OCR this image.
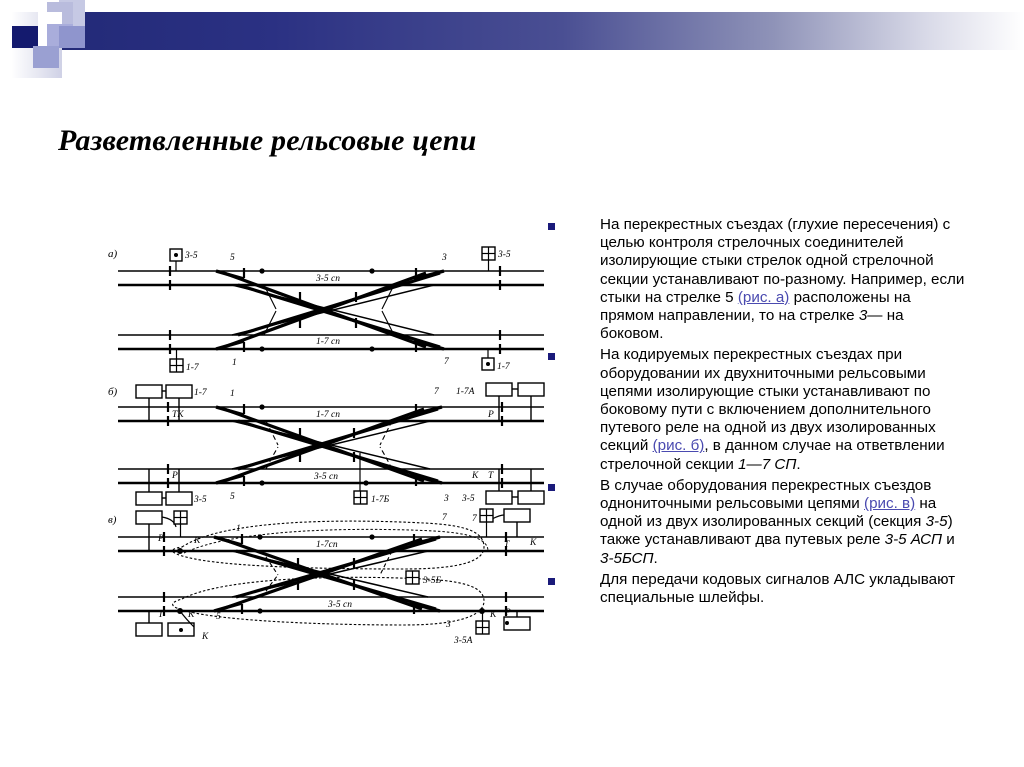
Разветвленные рельсовые цепи
а)	3-5	5	3-5
3
3-5 сп
1-7 сп
1-7	1	1-7
7
б)	1-7 1
ТК
Р
3-5 5
1-7А
7
Р
К Т
3 3-5
1-7 сп
3-5 сп
1-7Б
в)
Р	К
1
Т	К 5
К
7	7
Т К
К Р
3
3-5А
3-5Б
1-7сп
3-5 сп
На перекрестных съездах (глухие пересечения) с целью контроля стрелочных соединителей изолирующие стыки стрелок одной стрелочной секции устанавливают по-разному. Например, если стыки на стрелке 5 (рис. а) расположены на прямом направлении, то на стрелке 3— на боковом.
На кодируемых перекрестных съездах при оборудовании их двухниточными рельсовыми цепями изолирующие стыки устанавливают по боковому пути с включением дополнительного путевого реле на одной из двух изолированных секций (рис. б), в данном случае на ответвлении стрелочной секции 1—7 СП.
В случае оборудования перекрестных съездов однониточными рельсовыми цепями (рис. в) на одной из двух изолированных секций (секция 3-5) также устанавливают два путевых реле 3-5 АСП и 3-5БСП.
Для передачи кодовых сигналов АЛС укладывают специальные шлейфы.
